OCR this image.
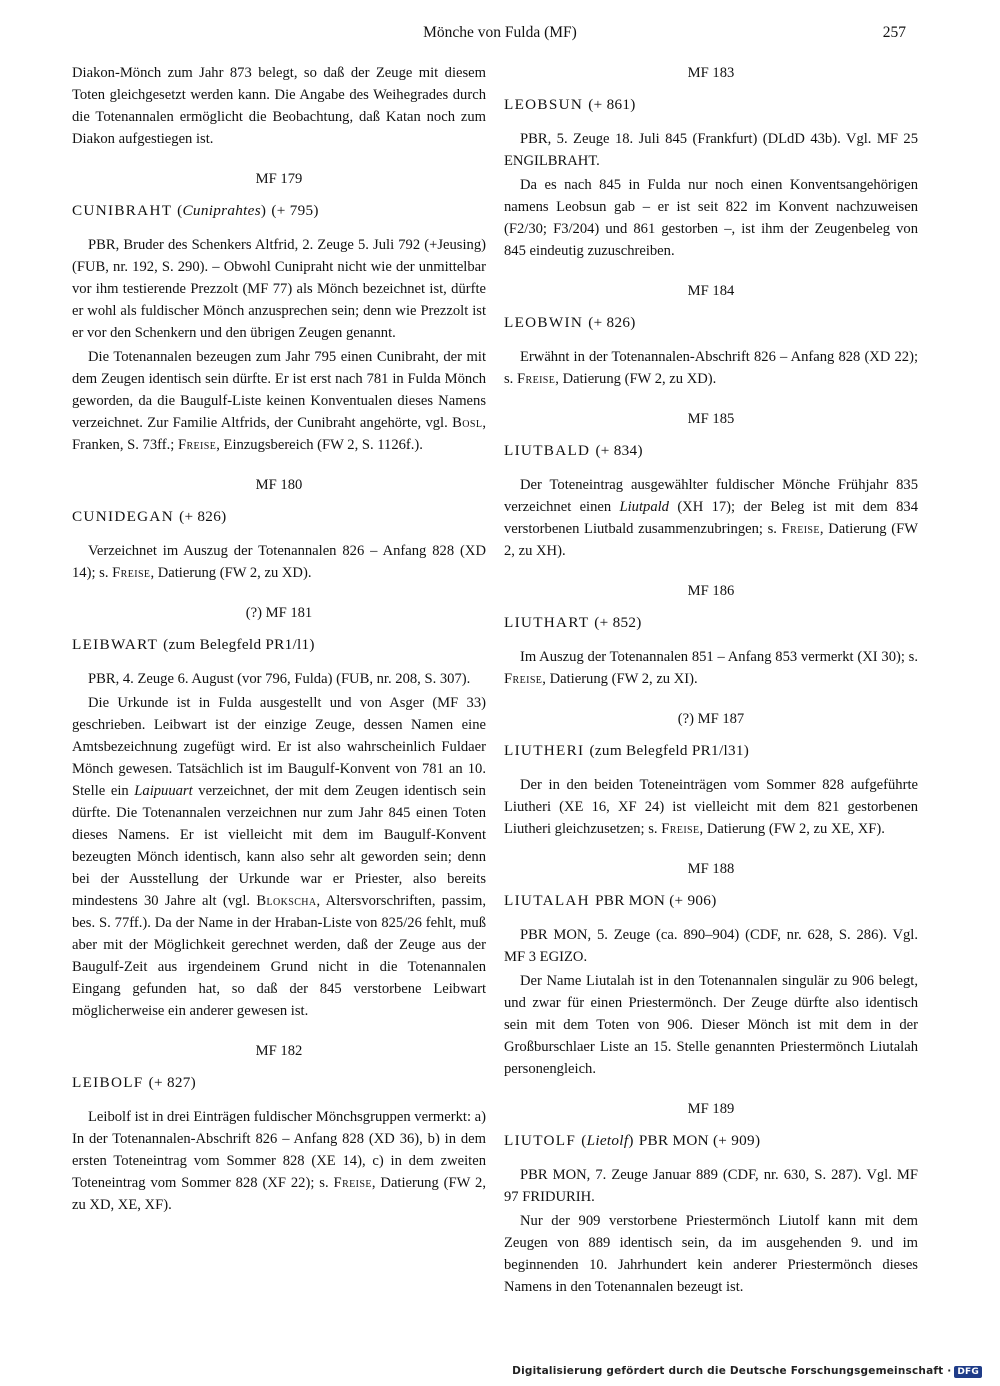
Mönche von Fulda (MF)	257

Diakon-Mönch zum Jahr 873 belegt, so daß der Zeuge mit diesem Toten gleichgesetzt werden kann. Die Angabe des Weihegrades durch die Totenannalen ermöglicht die Beobachtung, daß Katan noch zum Diakon aufgestiegen ist.

MF 179
CUNIBRAHT (Cuniprahtes) (+ 795)

PBR, Bruder des Schenkers Altfrid, 2. Zeuge 5. Juli 792 (+Jeusing) (FUB, nr. 192, S. 290). – Obwohl Cunipraht nicht wie der unmittelbar vor ihm testierende Prezzolt (MF 77) als Mönch bezeichnet ist, dürfte er wohl als fuldischer Mönch anzusprechen sein; denn wie Prezzolt ist er vor den Schenkern und den übrigen Zeugen genannt.

Die Totenannalen bezeugen zum Jahr 795 einen Cunibraht, der mit dem Zeugen identisch sein dürfte. Er ist erst nach 781 in Fulda Mönch geworden, da die Baugulf-Liste keinen Konventualen dieses Namens verzeichnet. Zur Familie Altfrids, der Cunibraht angehörte, vgl. Bosl, Franken, S. 73ff.; Freise, Einzugsbereich (FW 2, S. 1126f.).

MF 180
CUNIDEGAN (+ 826)

Verzeichnet im Auszug der Totenannalen 826 – Anfang 828 (XD 14); s. Freise, Datierung (FW 2, zu XD).

(?) MF 181
LEIBWART (zum Belegfeld PR1/l1)

PBR, 4. Zeuge 6. August (vor 796, Fulda) (FUB, nr. 208, S. 307).

Die Urkunde ist in Fulda ausgestellt und von Asger (MF 33) geschrieben. Leibwart ist der einzige Zeuge, dessen Namen eine Amtsbezeichnung zugefügt wird. Er ist also wahrscheinlich Fuldaer Mönch gewesen. Tatsächlich ist im Baugulf-Konvent von 781 an 10. Stelle ein Laipuuart verzeichnet, der mit dem Zeugen identisch sein dürfte. Die Totenannalen verzeichnen nur zum Jahr 845 einen Toten dieses Namens. Er ist vielleicht mit dem im Baugulf-Konvent bezeugten Mönch identisch, kann also sehr alt geworden sein; denn bei der Ausstellung der Urkunde war er Priester, also bereits mindestens 30 Jahre alt (vgl. Blokscha, Altersvorschriften, passim, bes. S. 77ff.). Da der Name in der Hraban-Liste von 825/26 fehlt, muß aber mit der Möglichkeit gerechnet werden, daß der Zeuge aus der Baugulf-Zeit aus irgendeinem Grund nicht in die Totenannalen Eingang gefunden hat, so daß der 845 verstorbene Leibwart möglicherweise ein anderer gewesen ist.

MF 182
LEIBOLF (+ 827)

Leibolf ist in drei Einträgen fuldischer Mönchsgruppen vermerkt: a) In der Totenannalen-Abschrift 826 – Anfang 828 (XD 36), b) in dem ersten Toteneintrag vom Sommer 828 (XE 14), c) in dem zweiten Toteneintrag vom Sommer 828 (XF 22); s. Freise, Datierung (FW 2, zu XD, XE, XF).

MF 183
LEOBSUN (+ 861)

PBR, 5. Zeuge 18. Juli 845 (Frankfurt) (DLdD 43b). Vgl. MF 25 ENGILBRAHT.

Da es nach 845 in Fulda nur noch einen Konventsangehörigen namens Leobsun gab – er ist seit 822 im Konvent nachzuweisen (F2/30; F3/204) und 861 gestorben –, ist ihm der Zeugenbeleg von 845 eindeutig zuzuschreiben.

MF 184
LEOBWIN (+ 826)

Erwähnt in der Totenannalen-Abschrift 826 – Anfang 828 (XD 22); s. Freise, Datierung (FW 2, zu XD).

MF 185
LIUTBALD (+ 834)

Der Toteneintrag ausgewählter fuldischer Mönche Frühjahr 835 verzeichnet einen Liutpald (XH 17); der Beleg ist mit dem 834 verstorbenen Liutbald zusammenzubringen; s. Freise, Datierung (FW 2, zu XH).

MF 186
LIUTHART (+ 852)

Im Auszug der Totenannalen 851 – Anfang 853 vermerkt (XI 30); s. Freise, Datierung (FW 2, zu XI).

(?) MF 187
LIUTHERI (zum Belegfeld PR1/l31)

Der in den beiden Toteneinträgen vom Sommer 828 aufgeführte Liutheri (XE 16, XF 24) ist vielleicht mit dem 821 gestorbenen Liutheri gleichzusetzen; s. Freise, Datierung (FW 2, zu XE, XF).

MF 188
LIUTALAH PBR MON (+ 906)

PBR MON, 5. Zeuge (ca. 890–904) (CDF, nr. 628, S. 286). Vgl. MF 3 EGIZO.

Der Name Liutalah ist in den Totenannalen singulär zu 906 belegt, und zwar für einen Priestermönch. Der Zeuge dürfte also identisch sein mit dem Toten von 906. Dieser Mönch ist mit dem in der Großburschlaer Liste an 15. Stelle genannten Priestermönch Liutalah personengleich.

MF 189
LIUTOLF (Lietolf) PBR MON (+ 909)

PBR MON, 7. Zeuge Januar 889 (CDF, nr. 630, S. 287). Vgl. MF 97 FRIDURIH.

Nur der 909 verstorbene Priestermönch Liutolf kann mit dem Zeugen von 889 identisch sein, da im ausgehenden 9. und im beginnenden 10. Jahrhundert kein anderer Priestermönch dieses Namens in den Totenannalen bezeugt ist.

Digitalisierung gefördert durch die Deutsche Forschungsgemeinschaft · DFG
